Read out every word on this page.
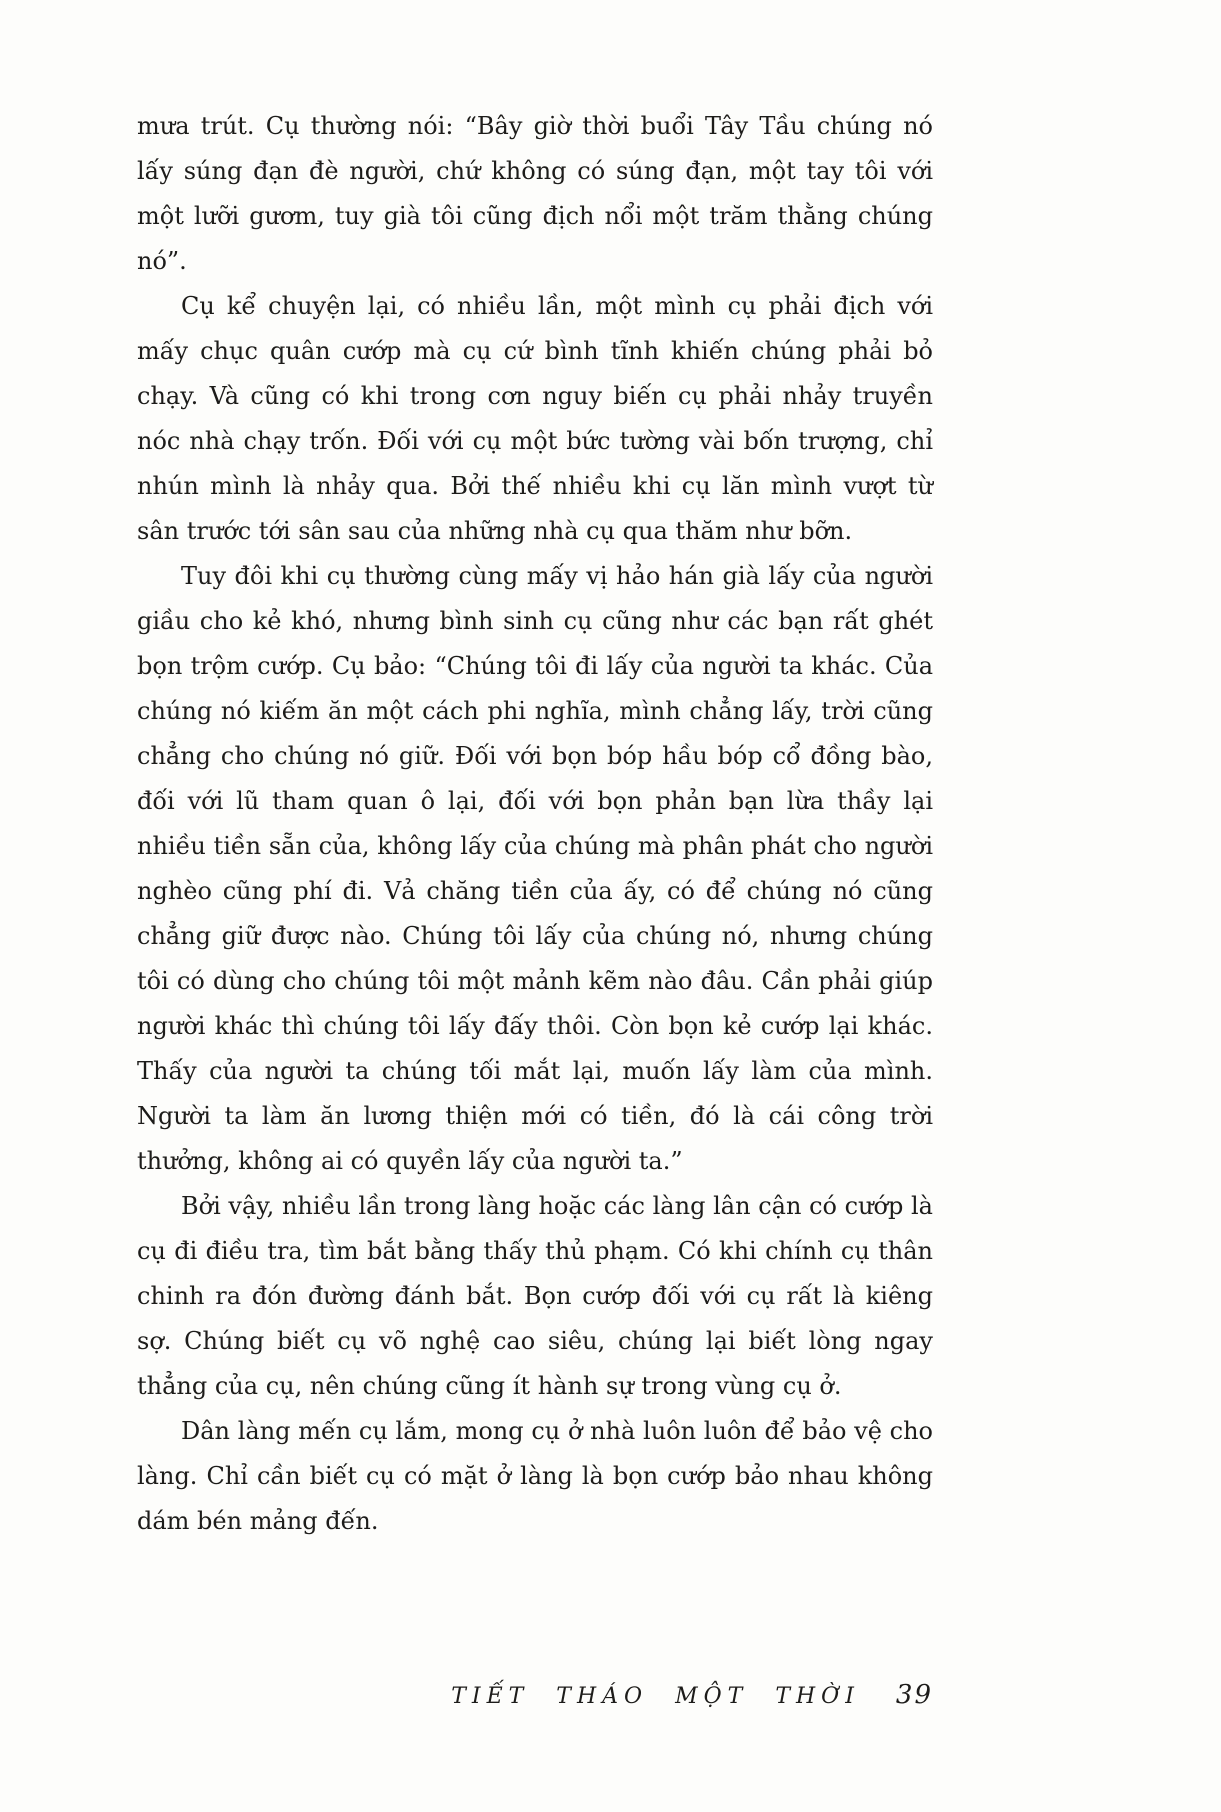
mưa trút. Cụ thường nói: “Bây giờ thời buổi Tây Tầu chúng nó lấy súng đạn đè người, chứ không có súng đạn, một tay tôi với một lưỡi gươm, tuy già tôi cũng địch nổi một trăm thằng chúng nó”.

Cụ kể chuyện lại, có nhiều lần, một mình cụ phải địch với mấy chục quân cướp mà cụ cứ bình tĩnh khiến chúng phải bỏ chạy. Và cũng có khi trong cơn nguy biến cụ phải nhảy truyền nóc nhà chạy trốn. Đối với cụ một bức tường vài bốn trượng, chỉ nhún mình là nhảy qua. Bởi thế nhiều khi cụ lăn mình vượt từ sân trước tới sân sau của những nhà cụ qua thăm như bỡn.

Tuy đôi khi cụ thường cùng mấy vị hảo hán già lấy của người giầu cho kẻ khó, nhưng bình sinh cụ cũng như các bạn rất ghét bọn trộm cướp. Cụ bảo: “Chúng tôi đi lấy của người ta khác. Của chúng nó kiếm ăn một cách phi nghĩa, mình chẳng lấy, trời cũng chẳng cho chúng nó giữ. Đối với bọn bóp hầu bóp cổ đồng bào, đối với lũ tham quan ô lại, đối với bọn phản bạn lừa thầy lại nhiều tiền sẵn của, không lấy của chúng mà phân phát cho người nghèo cũng phí đi. Vả chăng tiền của ấy, có để chúng nó cũng chẳng giữ được nào. Chúng tôi lấy của chúng nó, nhưng chúng tôi có dùng cho chúng tôi một mảnh kẽm nào đâu. Cần phải giúp người khác thì chúng tôi lấy đấy thôi. Còn bọn kẻ cướp lại khác. Thấy của người ta chúng tối mắt lại, muốn lấy làm của mình. Người ta làm ăn lương thiện mới có tiền, đó là cái công trời thưởng, không ai có quyền lấy của người ta.”

Bởi vậy, nhiều lần trong làng hoặc các làng lân cận có cướp là cụ đi điều tra, tìm bắt bằng thấy thủ phạm. Có khi chính cụ thân chinh ra đón đường đánh bắt. Bọn cướp đối với cụ rất là kiêng sợ. Chúng biết cụ võ nghệ cao siêu, chúng lại biết lòng ngay thẳng của cụ, nên chúng cũng ít hành sự trong vùng cụ ở.

Dân làng mến cụ lắm, mong cụ ở nhà luôn luôn để bảo vệ cho làng. Chỉ cần biết cụ có mặt ở làng là bọn cướp bảo nhau không dám bén mảng đến.

TIẾT THÁO MỘT THỜI 39
